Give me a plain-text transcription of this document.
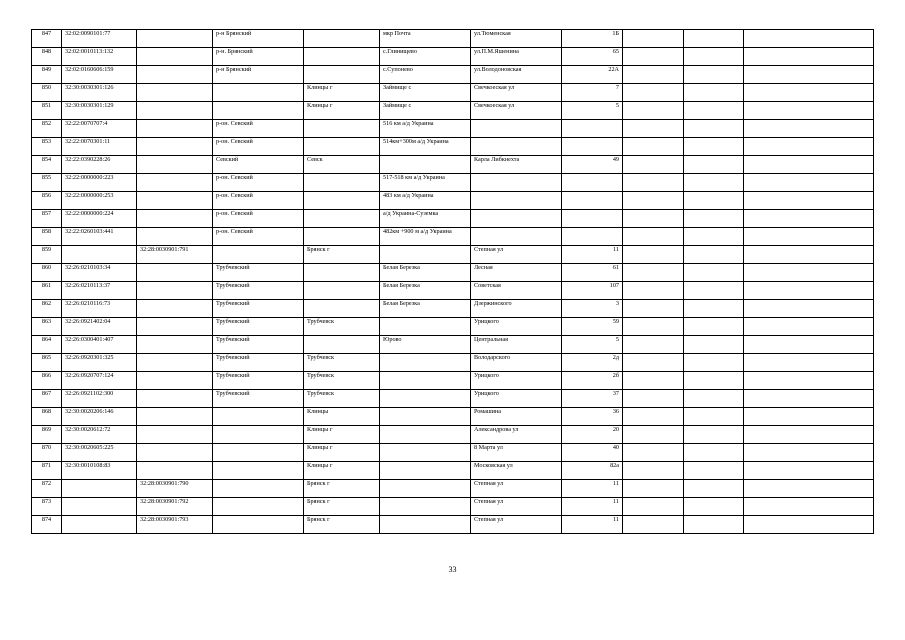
847	32:02:0090101:77		р-н Брянский		мкр Почта	ул.Тюменская	1Б			
848	32:02:0010113:132		р-н. Брянский		с.Глинищево	ул.П.М.Яшенина	65			
849	32:02:0160606:159		р-н Брянский		с.Супонево	ул.Володоновская	22А			
850	32:30:0030301:126			Клинцы г	Займище с	Свечкоеская ул	7			
851	32:30:0030301:129			Клинцы г	Займище с	Свечкоеская ул	5			
852	32:22:0070707:4		р-он. Севский		516 км а/д Украина					
853	32:22:0070301:11		р-он. Севский		514км+300м а/д Украина					
854	32:22:0390228:26		Севский	Севск		Карла Либкнехта	49			
855	32:22:0000000:223		р-он. Севский		517-518 км а/д Украина					
856	32:22:0000000:253		р-он. Севский		483 км а/д Украина					
857	32:22:0000000:224		р-он. Севский		а/д Украина-Суземка					
858	32:22:0260103:441		р-он. Севский		482км +900 м а/д Украина					
859		32:28:0030901:791		Брянск г		Степная ул	11			
860	32:26:0210103:34		Трубчевский		Белая Березка	Лесная	61			
861	32:26:0210113:37		Трубчевский		Белая Березка	Советская	107			
862	32:26:0210116:73		Трубчевский		Белая Березка	Дзержинского	3			
863	32:26:0921402:04		Трубчевский	Трубчевск		Урицкого	59			
864	32:26:0300401:407		Трубчевский		Юрово	Центральная	5			
865	32:26:0920301:325		Трубчевский	Трубчевск		Володарского	2д			
866	32:26:0920707:124		Трубчевский	Трубчевск		Урицкого	2б			
867	32:26:0921102:300		Трубчевский	Трубчевск		Урицкого	37			
868	32:30:0020206:146			Клинцы		Ромашина	36			
869	32:30:0020612:72			Клинцы г		Александрова ул	20			
870	32:30:0020605:225			Клинцы г		8 Марта ул	40			
871	32:30:0010108:83			Клинцы г		Московская ул	82а			
872		32:28:0030901:790		Брянск г		Степная ул	11			
873		32:28:0030901:792		Брянск г		Степная ул	11			
874		32:28:0030901:793		Брянск г		Степная ул	11			
33
